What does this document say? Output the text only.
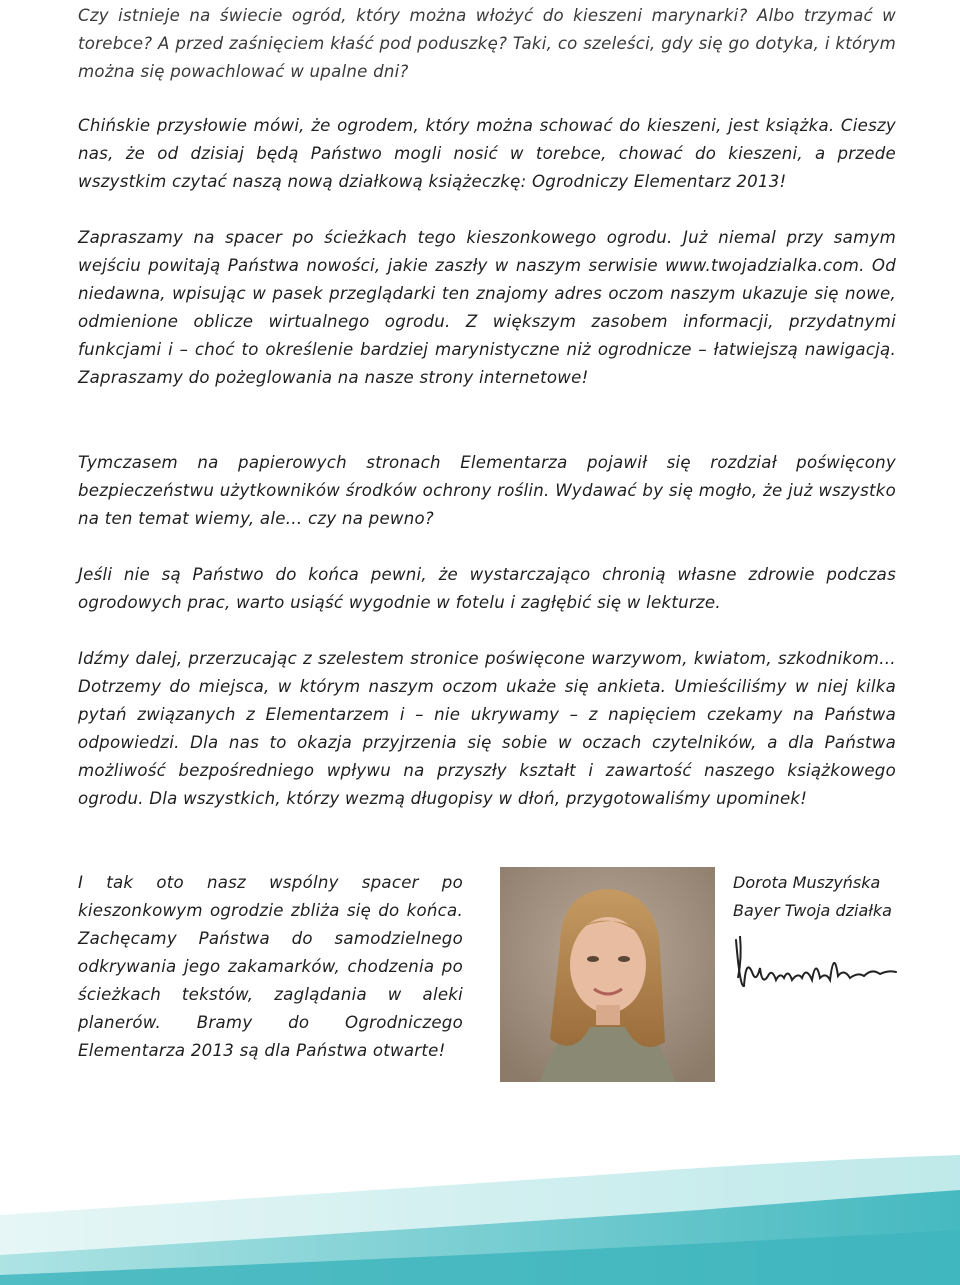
Czy istnieje na świecie ogród, który można włożyć do kieszeni marynarki? Albo trzymać w torebce? A przed zaśnięciem kłaść pod poduszkę? Taki, co szeleści, gdy się go dotyka, i którym można się powachlować w upalne dni?

Chińskie przysłowie mówi, że ogrodem, który można schować do kieszeni, jest książka. Cieszy nas, że od dzisiaj będą Państwo mogli nosić w torebce, chować do kieszeni, a przede wszystkim czytać naszą nową działkową książeczkę: Ogrodniczy Elementarz 2013!

Zapraszamy na spacer po ścieżkach tego kieszonkowego ogrodu. Już niemal przy samym wejściu powitają Państwa nowości, jakie zaszły w naszym serwisie www.twojadzialka.com. Od niedawna, wpisując w pasek przeglądarki ten znajomy adres oczom naszym ukazuje się nowe, odmienione oblicze wirtualnego ogrodu. Z większym zasobem informacji, przydatnymi funkcjami i – choć to określenie bardziej marynistyczne niż ogrodnicze – łatwiejszą nawigacją. Zapraszamy do pożeglowania na nasze strony internetowe!

Tymczasem na papierowych stronach Elementarza pojawił się rozdział poświęcony bezpieczeństwu użytkowników środków ochrony roślin. Wydawać by się mogło, że już wszystko na ten temat wiemy, ale… czy na pewno?

Jeśli nie są Państwo do końca pewni, że wystarczająco chronią własne zdrowie podczas ogrodowych prac, warto usiąść wygodnie w fotelu i zagłębić się w lekturze.

Idźmy dalej, przerzucając z szelestem stronice poświęcone warzywom, kwiatom, szkodnikom… Dotrzemy do miejsca, w którym naszym oczom ukaże się ankieta. Umieściliśmy w niej kilka pytań związanych z Elementarzem i – nie ukrywamy – z napięciem czekamy na Państwa odpowiedzi. Dla nas to okazja przyjrzenia się sobie w oczach czytelników, a dla Państwa możliwość bezpośredniego wpływu na przyszły kształt i zawartość naszego książkowego ogrodu. Dla wszystkich, którzy wezmą długopisy w dłoń, przygotowaliśmy upominek!

I tak oto nasz wspólny spacer po kieszonkowym ogrodzie zbliża się do końca. Zachęcamy Państwa do samodzielnego odkrywania jego zakamarków, chodzenia po ścieżkach tekstów, zaglądania w aleki planerów. Bramy do Ogrodniczego Elementarza 2013 są dla Państwa otwarte!

Dorota Muszyńska
Bayer Twoja działka
